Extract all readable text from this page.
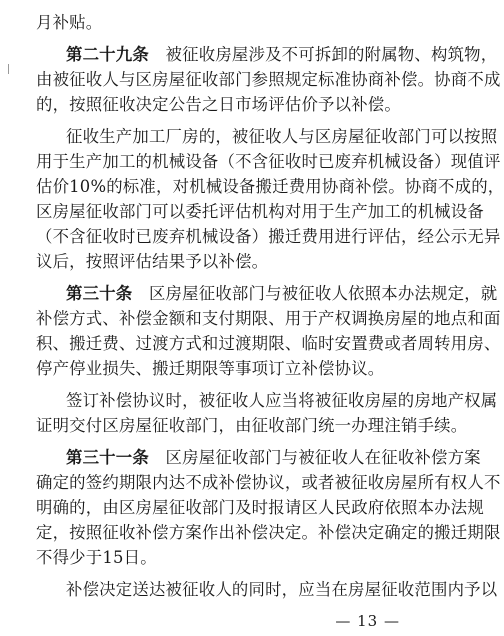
月补贴。
第二十九条　 被征收房屋涉及不可拆卸的附属物、构筑物，
由被征收人与区房屋征收部门参照规定标准协商补偿。协商不成
的，按照征收决定公告之日市场评估价予以补偿。
征收生产加工厂房的，被征收人与区房屋征收部门可以按照
用于生产加工的机械设备（不含征收时已废弃机械设备）现值评
估价10%的标准，对机械设备搬迁费用协商补偿。协商不成的，
区房屋征收部门可以委托评估机构对用于生产加工的机械设备
（不含征收时已废弃机械设备）搬迁费用进行评估，经公示无异
议后，按照评估结果予以补偿。
第三十条　 区房屋征收部门与被征收人依照本办法规定，就
补偿方式、补偿金额和支付期限、用于产权调换房屋的地点和面
积、搬迁费、过渡方式和过渡期限、临时安置费或者周转用房、
停产停业损失、搬迁期限等事项订立补偿协议。
签订补偿协议时，被征收人应当将被征收房屋的房地产权属
证明交付区房屋征收部门，由征收部门统一办理注销手续。
第三十一条　 区房屋征收部门与被征收人在征收补偿方案
确定的签约期限内达不成补偿协议，或者被征收房屋所有权人不
明确的，由区房屋征收部门及时报请区人民政府依照本办法规
定，按照征收补偿方案作出补偿决定。补偿决定确定的搬迁期限
不得少于15日。
补偿决定送达被征收人的同时，应当在房屋征收范围内予以
— 13 —
